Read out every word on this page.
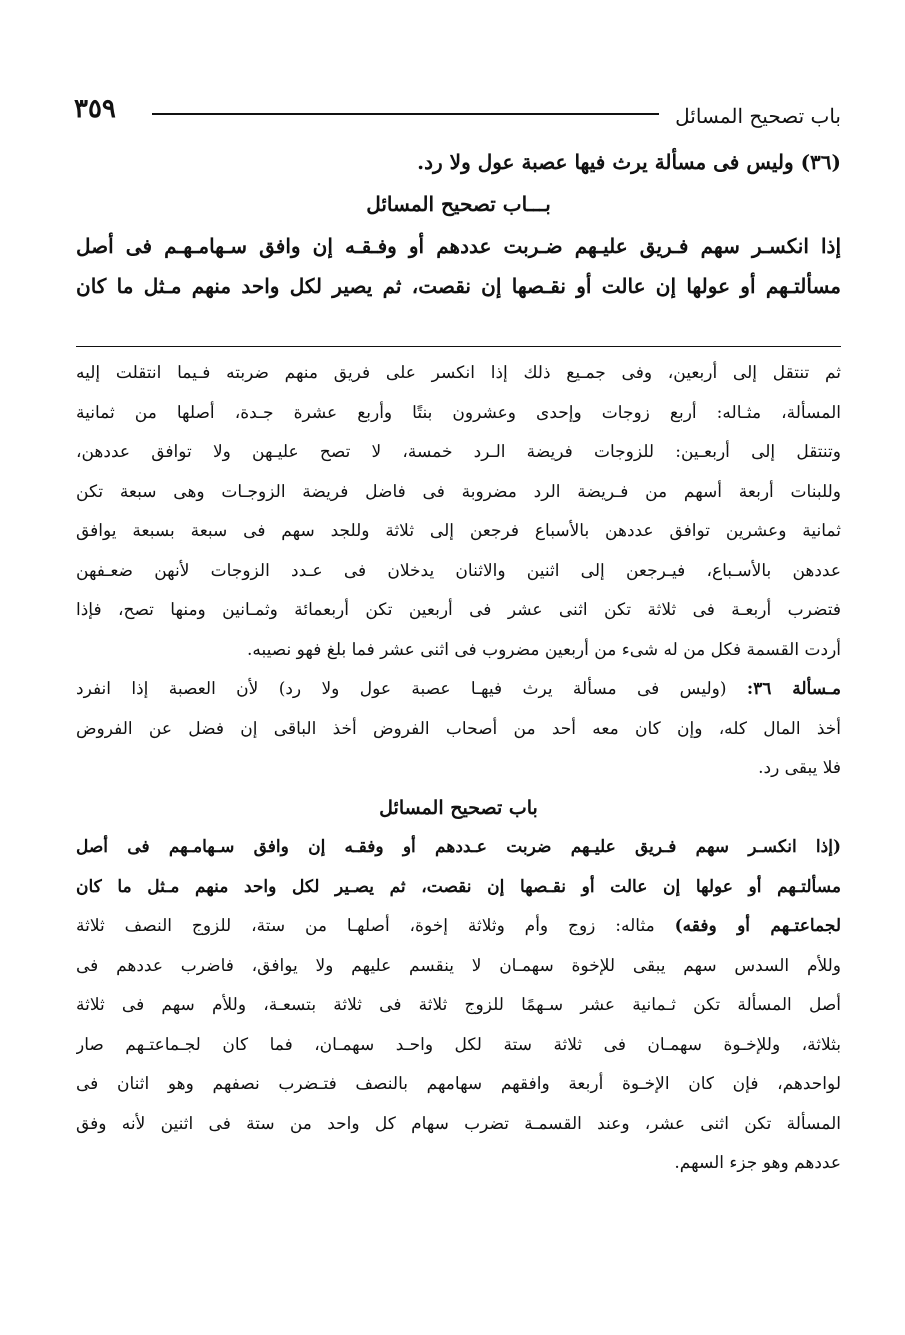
باب تصحيح المسائل
٣٥٩
(٣٦) وليس فى مسألة يرث فيها عصبة عول ولا رد.
بـــاب تصحيح المسائل
إذا انكسـر سهم فـريق عليـهم ضـربت عددهم أو وفـقـه إن وافق سـهامـهـم فى أصل
مسألتـهم أو عولها إن عالت أو نقـصها إن نقصت، ثم يصير لكل واحد منهم مـثل ما كان
ثم تنتقل إلى أربعين، وفى جمـيع ذلك إذا انكسر على فريق منهم ضربته فـيما انتقلت إليه
المسألة، مثـاله: أربع زوجات وإحدى وعشرون بنتًا وأربع عشرة جـدة، أصلها من ثمانية
وتنتقل إلى أربعـين: للزوجات فريضة الـرد خمسة، لا تصح عليـهن ولا توافق عددهن،
وللبنات أربعة أسهم من فـريضة الرد مضروبة فى فاضل فريضة الزوجـات وهى سبعة تكن
ثمانية وعشرين توافق عددهن بالأسباع فرجعن إلى ثلاثة وللجد سهم فى سبعة بسبعة يوافق
عددهن بالأسـباع، فيـرجعن إلى اثنين والاثنان يدخلان فى عـدد الزوجات لأنهن ضعـفهن
فتضرب أربعـة فى ثلاثة تكن اثنى عشر فى أربعين تكن أربعمائة وثمـانين ومنها تصح، فإذا
أردت القسمة فكل من له شىء من أربعين مضروب فى اثنى عشر فما بلغ فهو نصيبه.
مـسألة ٣٦: (وليس فى مسألة يرث فيهـا عصبة عول ولا رد) لأن العصبة إذا انفرد
أخذ المال كله، وإن كان معه أحد من أصحاب الفروض أخذ الباقى إن فضل عن الفروض
فلا يبقى رد.
باب تصحيح المسائل
(إذا انكسـر سهم فـريق عليـهم ضربت عـددهم أو وفقـه إن وافق سـهامـهم فى أصل
مسألتـهم أو عولها إن عالت أو نقـصها إن نقصت، ثم يصـير لكل واحد منهم مـثل ما كان
لجماعتـهم أو وفقه) مثاله: زوج وأم وثلاثة إخوة، أصلهـا من ستة، للزوج النصف ثلاثة
وللأم السدس سهم يبقى للإخوة سهمـان لا ينقسم عليهم ولا يوافق، فاضرب عددهم فى
أصل المسألة تكن ثـمانية عشر سـهمًا للزوج ثلاثة فى ثلاثة بتسعـة، وللأم سهم فى ثلاثة
بثلاثة، وللإخـوة سهمـان فى ثلاثة ستة لكل واحـد سهمـان، فما كان لجـماعتـهم صار
لواحدهم، فإن كان الإخـوة أربعة وافقهم سهامهم بالنصف فتـضرب نصفهم وهو اثنان فى
المسألة تكن اثنى عشر، وعند القسمـة تضرب سهام كل واحد من ستة فى اثنين لأنه وفق
عددهم وهو جزء السهم.
